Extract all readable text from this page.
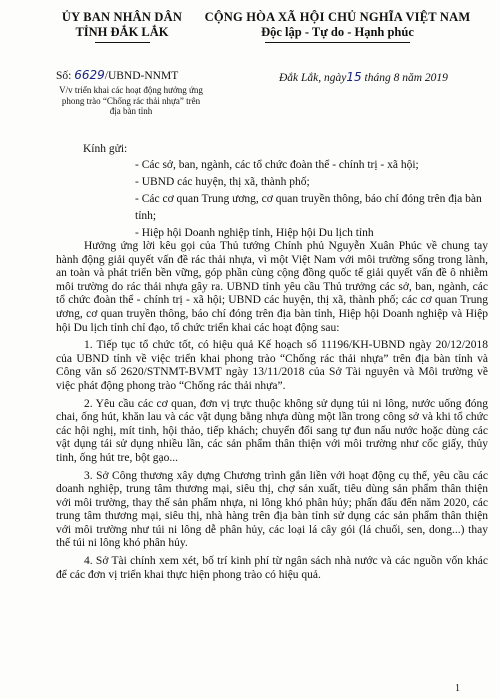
ỦY BAN NHÂN DÂN
TỈNH ĐẮK LẮK
CỘNG HÒA XÃ HỘI CHỦ NGHĨA VIỆT NAM
Độc lập - Tự do - Hạnh phúc
Số: 6629/UBND-NNMT	Đắk Lắk, ngày15 tháng 8 năm 2019
V/v triển khai các hoạt động hưởng ứng phong trào “Chống rác thải nhựa” trên địa bàn tỉnh
Kính gửi:
- Các sở, ban, ngành, các tổ chức đoàn thể - chính trị - xã hội;
- UBND các huyện, thị xã, thành phố;
- Các cơ quan Trung ương, cơ quan truyền thông, báo chí đóng trên địa bàn tỉnh;
- Hiệp hội Doanh nghiệp tỉnh, Hiệp hội Du lịch tỉnh

Hưởng ứng lời kêu gọi của Thủ tướng Chính phủ Nguyễn Xuân Phúc về chung tay hành động giải quyết vấn đề rác thải nhựa, vì một Việt Nam với môi trường sống trong lành, an toàn và phát triển bền vững, góp phần cùng cộng đồng quốc tế giải quyết vấn đề ô nhiễm môi trường do rác thải nhựa gây ra. UBND tỉnh yêu cầu Thủ trưởng các sở, ban, ngành, các tổ chức đoàn thể - chính trị - xã hội; UBND các huyện, thị xã, thành phố; các cơ quan Trung ương, cơ quan truyền thông, báo chí đóng trên địa bàn tỉnh, Hiệp hội Doanh nghiệp và Hiệp hội Du lịch tỉnh chỉ đạo, tổ chức triển khai các hoạt động sau:

1. Tiếp tục tổ chức tốt, có hiệu quả Kế hoạch số 11196/KH-UBND ngày 20/12/2018 của UBND tỉnh về việc triển khai phong trào “Chống rác thải nhựa” trên địa bàn tỉnh và Công văn số 2620/STNMT-BVMT ngày 13/11/2018 của Sở Tài nguyên và Môi trường về việc phát động phong trào “Chống rác thải nhựa”.

2. Yêu cầu các cơ quan, đơn vị trực thuộc không sử dụng túi ni lông, nước uống đóng chai, ống hút, khăn lau và các vật dụng bằng nhựa dùng một lần trong công sở và khi tổ chức các hội nghị, mít tinh, hội thảo, tiếp khách; chuyển đổi sang tự đun nấu nước hoặc dùng các vật dụng tái sử dụng nhiều lần, các sản phẩm thân thiện với môi trường như cốc giấy, thủy tinh, ống hút tre, bột gạo...

3. Sở Công thương xây dựng Chương trình gắn liền với hoạt động cụ thể, yêu cầu các doanh nghiệp, trung tâm thương mại, siêu thị, chợ sản xuất, tiêu dùng sản phẩm thân thiện với môi trường, thay thế sản phẩm nhựa, ni lông khó phân hủy; phấn đấu đến năm 2020, các trung tâm thương mại, siêu thị, nhà hàng trên địa bàn tỉnh sử dụng các sản phẩm thân thiện với môi trường như túi ni lông dễ phân hủy, các loại lá cây gói (lá chuối, sen, dong...) thay thế túi ni lông khó phân hủy.

4. Sở Tài chính xem xét, bố trí kinh phí từ ngân sách nhà nước và các nguồn vốn khác để các đơn vị triển khai thực hiện phong trào có hiệu quả.

1
